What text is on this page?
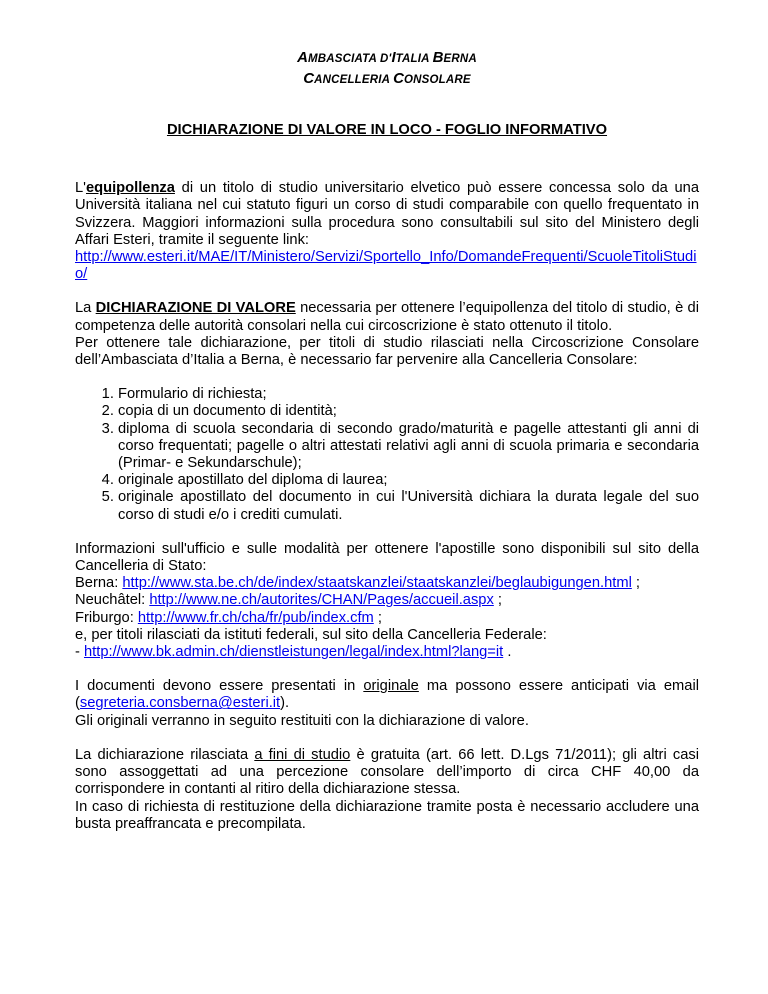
AMBASCIATA D'ITALIA BERNA
CANCELLERIA CONSOLARE
DICHIARAZIONE DI VALORE IN LOCO - FOGLIO INFORMATIVO

L'equipollenza di un titolo di studio universitario elvetico può essere concessa solo da una Università italiana nel cui statuto figuri un corso di studi comparabile con quello frequentato in Svizzera. Maggiori informazioni sulla procedura sono consultabili sul sito del Ministero degli Affari Esteri, tramite il seguente link:
http://www.esteri.it/MAE/IT/Ministero/Servizi/Sportello_Info/DomandeFrequenti/ScuoleTitoliStudio/

La DICHIARAZIONE DI VALORE necessaria per ottenere l’equipollenza del titolo di studio, è di competenza delle autorità consolari nella cui circoscrizione è stato ottenuto il titolo.
Per ottenere tale dichiarazione, per titoli di studio rilasciati nella Circoscrizione Consolare dell’Ambasciata d’Italia a Berna, è necessario far pervenire alla Cancelleria Consolare:

1. Formulario di richiesta;
2. copia di un documento di identità;
3. diploma di scuola secondaria di secondo grado/maturità e pagelle attestanti gli anni di corso frequentati; pagelle o altri attestati relativi agli anni di scuola primaria e secondaria (Primar- e Sekundarschule);
4. originale apostillato del diploma di laurea;
5. originale apostillato del documento in cui l'Università dichiara la durata legale del suo corso di studi e/o i crediti cumulati.

Informazioni sull'ufficio e sulle modalità per ottenere l'apostille sono disponibili sul sito della Cancelleria di Stato:
Berna: http://www.sta.be.ch/de/index/staatskanzlei/staatskanzlei/beglaubigungen.html ;
Neuchâtel: http://www.ne.ch/autorites/CHAN/Pages/accueil.aspx ;
Friburgo: http://www.fr.ch/cha/fr/pub/index.cfm ;
e, per titoli rilasciati da istituti federali, sul sito della Cancelleria Federale:
- http://www.bk.admin.ch/dienstleistungen/legal/index.html?lang=it .

I documenti devono essere presentati in originale ma possono essere anticipati via email (segreteria.consberna@esteri.it).
Gli originali verranno in seguito restituiti con la dichiarazione di valore.

La dichiarazione rilasciata a fini di studio è gratuita (art. 66 lett. D.Lgs 71/2011); gli altri casi sono assoggettati ad una percezione consolare dell’importo di circa CHF 40,00 da corrispondere in contanti al ritiro della dichiarazione stessa.
In caso di richiesta di restituzione della dichiarazione tramite posta è necessario accludere una busta preaffrancata e precompilata.
